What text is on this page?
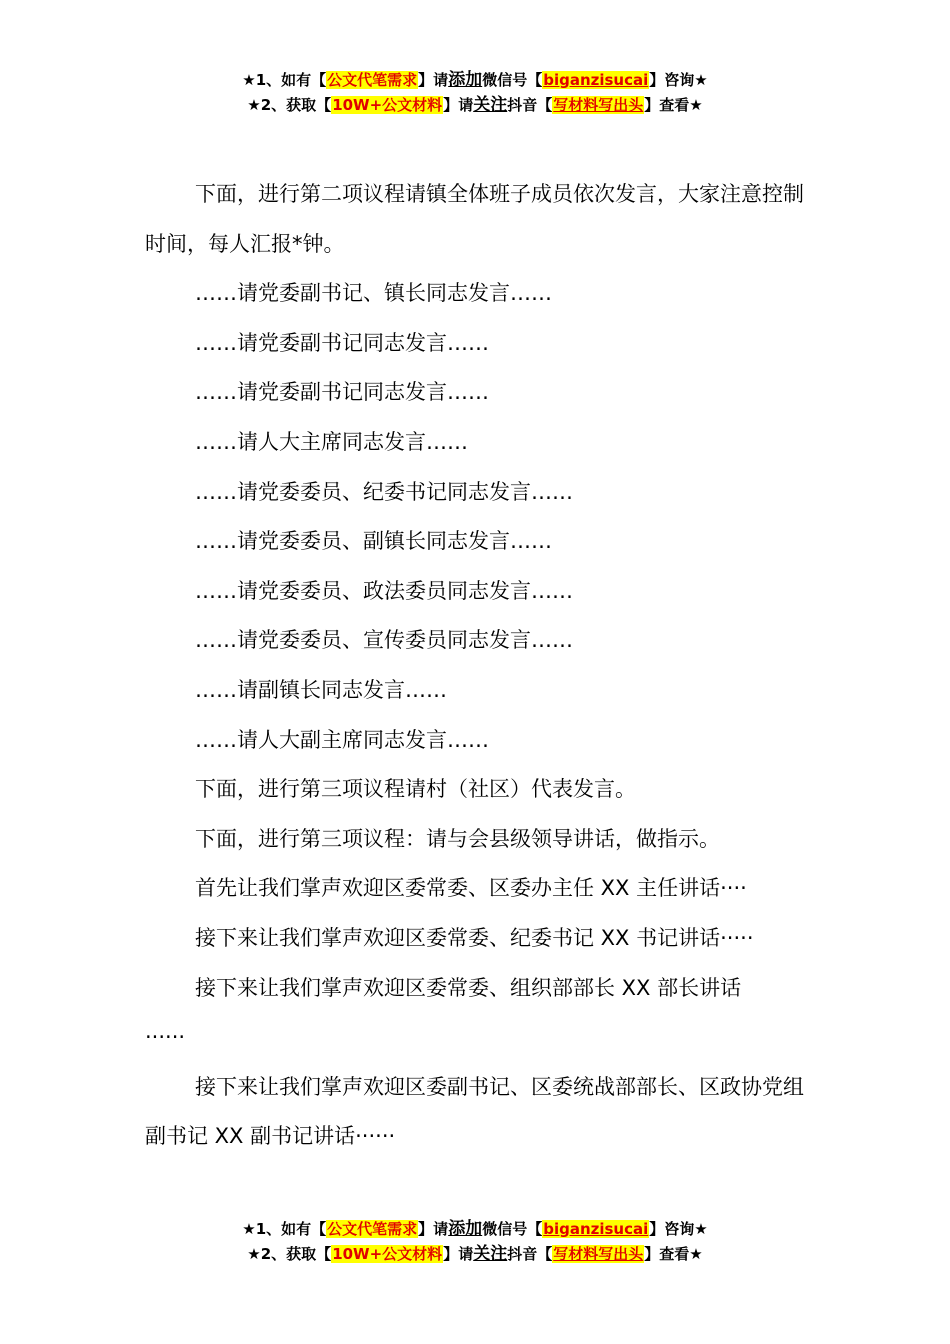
★1、如有【公文代笔需求】请添加微信号【biganzisucai】咨询★
★2、获取【10W+公文材料】请关注抖音【写材料写出头】查看★

下面，进行第二项议程请镇全体班子成员依次发言，大家注意控制时间，每人汇报*钟。

……请党委副书记、镇长同志发言……

……请党委副书记同志发言……

……请党委副书记同志发言……

……请人大主席同志发言……

……请党委委员、纪委书记同志发言……

……请党委委员、副镇长同志发言……

……请党委委员、政法委员同志发言……

……请党委委员、宣传委员同志发言……

……请副镇长同志发言……

……请人大副主席同志发言……

下面，进行第三项议程请村（社区）代表发言。

下面，进行第三项议程：请与会县级领导讲话，做指示。

首先让我们掌声欢迎区委常委、区委办主任 XX 主任讲话····

接下来让我们掌声欢迎区委常委、纪委书记 XX 书记讲话·····

接下来让我们掌声欢迎区委常委、组织部部长 XX 部长讲话······

接下来让我们掌声欢迎区委副书记、区委统战部部长、区政协党组副书记 XX 副书记讲话······

★1、如有【公文代笔需求】请添加微信号【biganzisucai】咨询★
★2、获取【10W+公文材料】请关注抖音【写材料写出头】查看★
